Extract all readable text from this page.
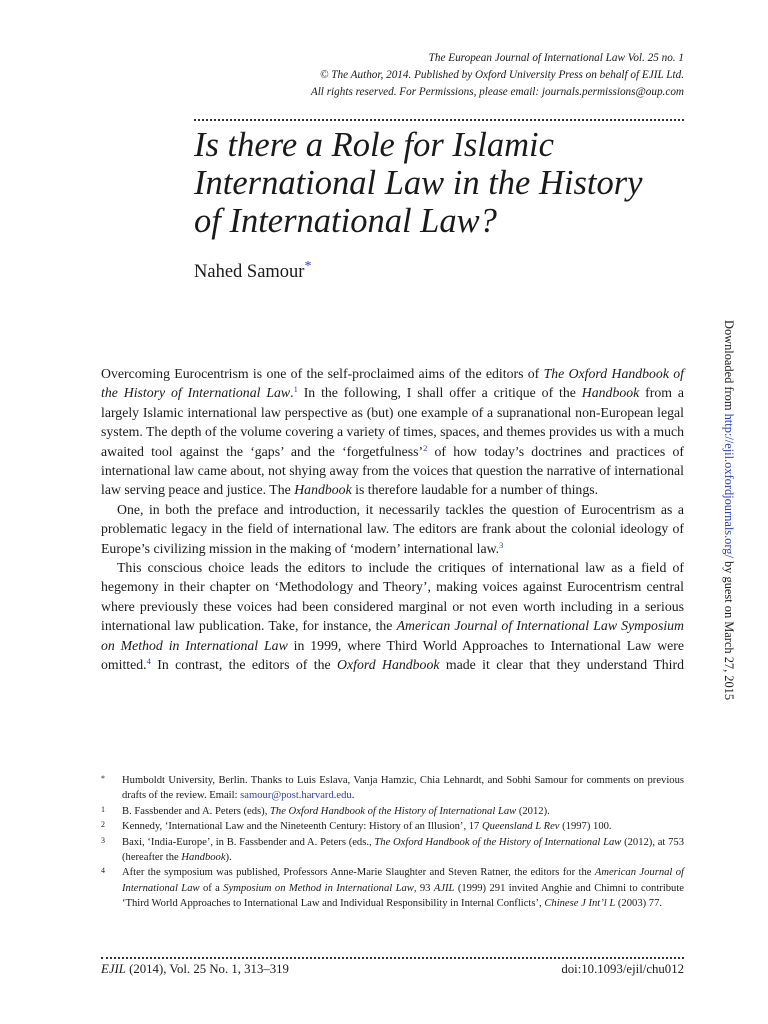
The European Journal of International Law Vol. 25 no. 1
© The Author, 2014. Published by Oxford University Press on behalf of EJIL Ltd.
All rights reserved. For Permissions, please email: journals.permissions@oup.com
Is there a Role for Islamic
International Law in the History
of International Law?
Nahed Samour*
Downloaded from http://ejil.oxfordjournals.org/ by guest on March 27, 2015

Overcoming Eurocentrism is one of the self-proclaimed aims of the editors of The Oxford Handbook of the History of International Law.$^1$ In the following, I shall offer a critique of the Handbook from a largely Islamic international law perspective as (but) one example of a supranational non-European legal system. The depth of the volume covering a variety of times, spaces, and themes provides us with a much awaited tool against the ‘gaps’ and the ‘forgetfulness’$^2$ of how today’s doctrines and practices of international law came about, not shying away from the voices that question the narrative of international law serving peace and justice. The Handbook is therefore laudable for a number of things.

One, in both the preface and introduction, it necessarily tackles the question of Eurocentrism as a problematic legacy in the field of international law. The editors are frank about the colonial ideology of Europe’s civilizing mission in the making of ‘modern’ international law.$^3$

This conscious choice leads the editors to include the critiques of international law as a field of hegemony in their chapter on ‘Methodology and Theory’, making voices against Eurocentrism central where previously these voices had been considered marginal or not even worth including in a serious international law publication. Take, for instance, the American Journal of International Law Symposium on Method in International Law in 1999, where Third World Approaches to International Law were omitted.$^4$ In contrast, the editors of the Oxford Handbook made it clear that they understand Third

* Humboldt University, Berlin. Thanks to Luis Eslava, Vanja Hamzic, Chia Lehnardt, and Sobhi Samour for comments on previous drafts of the review. Email: samour@post.harvard.edu.
1 B. Fassbender and A. Peters (eds), The Oxford Handbook of the History of International Law (2012).
2 Kennedy, ‘International Law and the Nineteenth Century: History of an Illusion’, 17 Queensland L Rev (1997) 100.
3 Baxi, ‘India-Europe’, in B. Fassbender and A. Peters (eds., The Oxford Handbook of the History of International Law (2012), at 753 (hereafter the Handbook).
4 After the symposium was published, Professors Anne-Marie Slaughter and Steven Ratner, the editors for the American Journal of International Law of a Symposium on Method in International Law, 93 AJIL (1999) 291 invited Anghie and Chimni to contribute ‘Third World Approaches to International Law and Individual Responsibility in Internal Conflicts’, Chinese J Int’l L (2003) 77.
EJIL (2014), Vol. 25 No. 1, 313–319	doi:10.1093/ejil/chu012
